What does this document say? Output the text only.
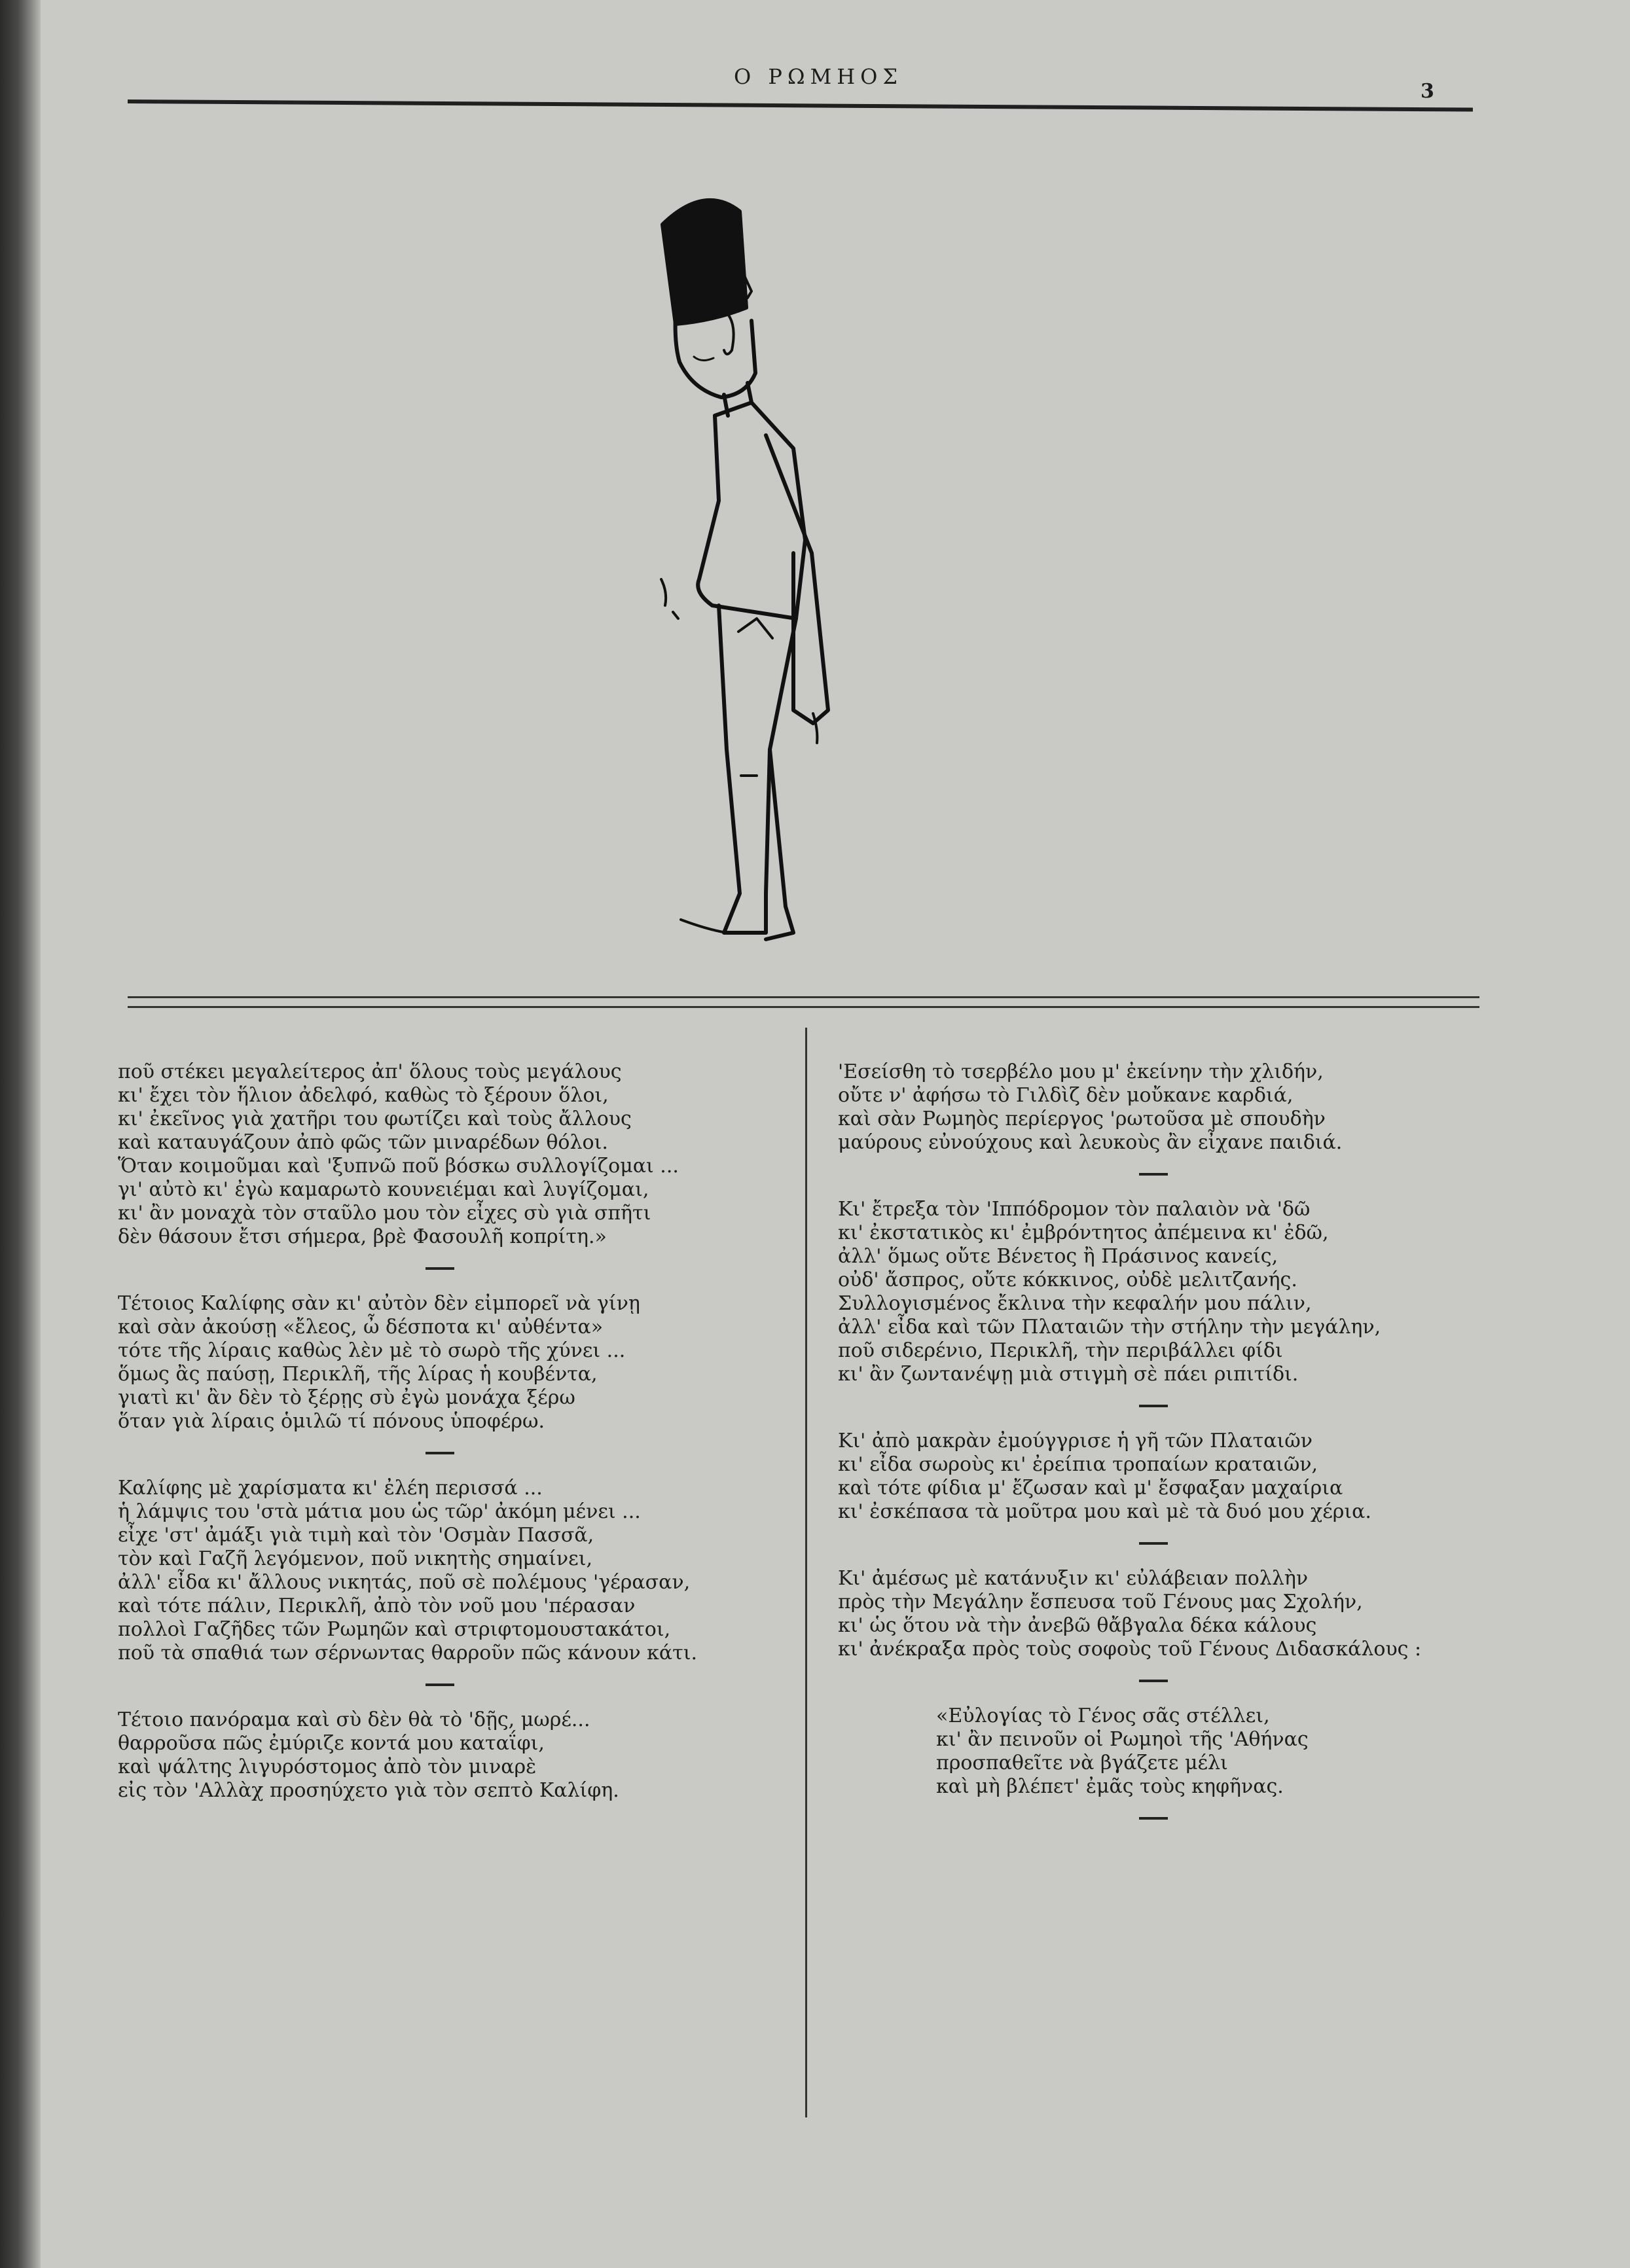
Ο ΡΩΜΗΟΣ
3
ποῦ στέκει μεγαλείτερος ἀπ' ὅλους τοὺς μεγάλους
κι' ἔχει τὸν ἥλιον ἀδελφό, καθὼς τὸ ξέρουν ὅλοι,
κι' ἐκεῖνος γιὰ χατῆρι του φωτίζει καὶ τοὺς ἄλλους
καὶ καταυγάζουν ἀπὸ φῶς τῶν μιναρέδων θόλοι.
Ὅταν κοιμοῦμαι καὶ 'ξυπνῶ ποῦ βόσκω συλλογίζομαι ...
γι' αὐτὸ κι' ἐγὼ καμαρωτὸ κουνειέμαι καὶ λυγίζομαι,
κι' ἂν μοναχὰ τὸν σταῦλο μου τὸν εἶχες σὺ γιὰ σπῆτι
δὲν θάσουν ἔτσι σήμερα, βρὲ Φασουλῆ κοπρίτη.»
Τέτοιος Καλίφης σὰν κι' αὐτὸν δὲν εἰμπορεῖ νὰ γίνῃ
καὶ σὰν ἀκούσῃ «ἔλεος, ὦ δέσποτα κι' αὐθέντα»
τότε τῆς λίραις καθὼς λὲν μὲ τὸ σωρὸ τῆς χύνει ...
ὅμως ἂς παύσῃ, Περικλῆ, τῆς λίρας ἡ κουβέντα,
γιατὶ κι' ἂν δὲν τὸ ξέρῃς σὺ ἐγὼ μονάχα ξέρω
ὅταν γιὰ λίραις ὁμιλῶ τί πόνους ὑποφέρω.
Καλίφης μὲ χαρίσματα κι' ἐλέη περισσά ...
ἡ λάμψις του 'στὰ μάτια μου ὡς τῶρ' ἀκόμη μένει ...
εἶχε 'στ' ἀμάξι γιὰ τιμὴ καὶ τὸν 'Οσμὰν Πασσᾶ,
τὸν καὶ Γαζῆ λεγόμενον, ποῦ νικητὴς σημαίνει,
ἀλλ' εἶδα κι' ἄλλους νικητάς, ποῦ σὲ πολέμους 'γέρασαν,
καὶ τότε πάλιν, Περικλῆ, ἀπὸ τὸν νοῦ μου 'πέρασαν
πολλοὶ Γαζῆδες τῶν Ρωμηῶν καὶ στριφτομουστακάτοι,
ποῦ τὰ σπαθιά των σέρνωντας θαρροῦν πῶς κάνουν κάτι.
Τέτοιο πανόραμα καὶ σὺ δὲν θὰ τὸ 'δῇς, μωρέ...
θαρροῦσα πῶς ἐμύριζε κοντά μου καταΐφι,
καὶ ψάλτης λιγυρόστομος ἀπὸ τὸν μιναρὲ
εἰς τὸν 'Αλλὰχ προσηύχετο γιὰ τὸν σεπτὸ Καλίφη.
'Εσείσθη τὸ τσερβέλο μου μ' ἐκείνην τὴν χλιδήν,
οὔτε ν' ἀφήσω τὸ Γιλδὶζ δὲν μοὔκανε καρδιά,
καὶ σὰν Ρωμηὸς περίεργος 'ρωτοῦσα μὲ σπουδὴν
μαύρους εὐνούχους καὶ λευκοὺς ἂν εἶχανε παιδιά.
Κι' ἔτρεξα τὸν 'Ιππόδρομον τὸν παλαιὸν νὰ 'δῶ
κι' ἐκστατικὸς κι' ἐμβρόντητος ἀπέμεινα κι' ἐδῶ,
ἀλλ' ὅμως οὔτε Βένετος ἢ Πράσινος κανείς,
οὐδ' ἄσπρος, οὔτε κόκκινος, οὐδὲ μελιτζανής.
Συλλογισμένος ἔκλινα τὴν κεφαλήν μου πάλιν,
ἀλλ' εἶδα καὶ τῶν Πλαταιῶν τὴν στήλην τὴν μεγάλην,
ποῦ σιδερένιο, Περικλῆ, τὴν περιβάλλει φίδι
κι' ἂν ζωντανέψῃ μιὰ στιγμὴ σὲ πάει ριπιτίδι.
Κι' ἀπὸ μακρὰν ἐμούγγρισε ἡ γῆ τῶν Πλαταιῶν
κι' εἶδα σωροὺς κι' ἐρείπια τροπαίων κραταιῶν,
καὶ τότε φίδια μ' ἔζωσαν καὶ μ' ἔσφαξαν μαχαίρια
κι' ἐσκέπασα τὰ μοῦτρα μου καὶ μὲ τὰ δυό μου χέρια.
Κι' ἀμέσως μὲ κατάνυξιν κι' εὐλάβειαν πολλὴν
πρὸς τὴν Μεγάλην ἔσπευσα τοῦ Γένους μας Σχολήν,
κι' ὡς ὅτου νὰ τὴν ἀνεβῶ θἄβγαλα δέκα κάλους
κι' ἀνέκραξα πρὸς τοὺς σοφοὺς τοῦ Γένους Διδασκάλους :
«Εὐλογίας τὸ Γένος σᾶς στέλλει,
κι' ἂν πεινοῦν οἱ Ρωμηοὶ τῆς 'Αθήνας
προσπαθεῖτε νὰ βγάζετε μέλι
καὶ μὴ βλέπετ' ἐμᾶς τοὺς κηφῆνας.
